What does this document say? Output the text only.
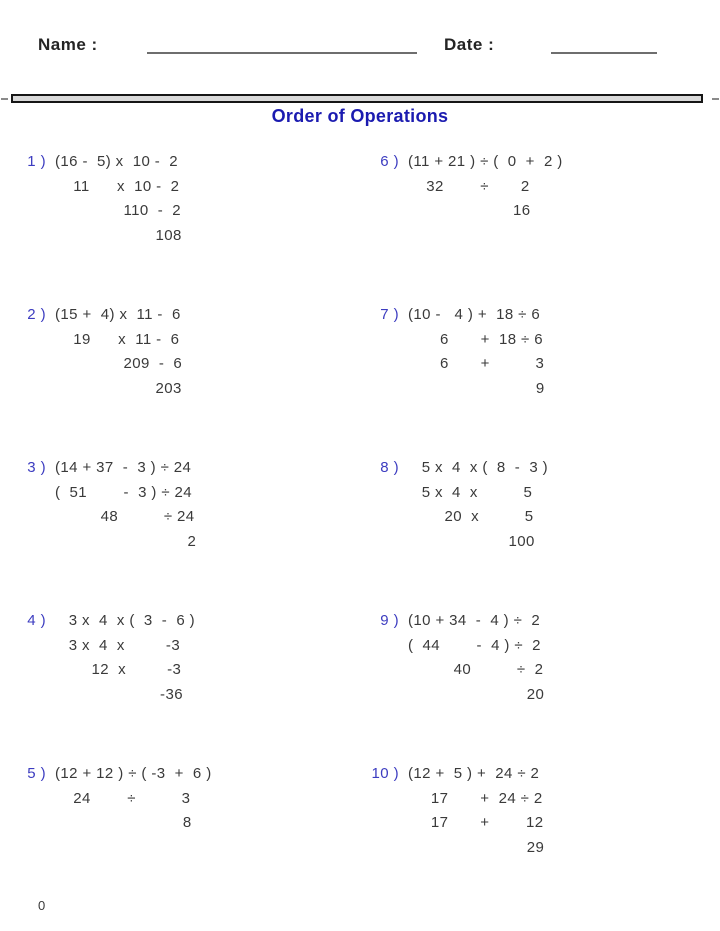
Name :	Date :
Order of Operations
1 ) (16 -  5) x  10 -  2
11      x  10 -  2
110  -  2
108
6 ) (11 + 21 ) ÷ (  0  +  2 )
32        ÷       2
16
2 ) (15 +  4) x  11 -  6
19      x  11 -  6
209  -  6
203
7 ) (10 -   4 ) +  18 ÷ 6
6       +  18 ÷ 6
6       +          3
9
3 ) (14 + 37  -  3 ) ÷ 24
(  51        -  3 ) ÷ 24
48          ÷ 24
2
8 ) 5 x  4  x (  8  -  3 )
5 x  4  x          5
20  x          5
100
4 ) 3 x  4  x (  3  -  6 )
3 x  4  x         -3
12  x         -3
-36
9 ) (10 + 34  -  4 ) ÷  2
(  44        -  4 ) ÷  2
40          ÷  2
20
5 ) (12 + 12 ) ÷ ( -3  +  6 )
24        ÷          3
8
10 ) (12 +  5 ) +  24 ÷ 2
17       +  24 ÷ 2
17       +        12
29
0
